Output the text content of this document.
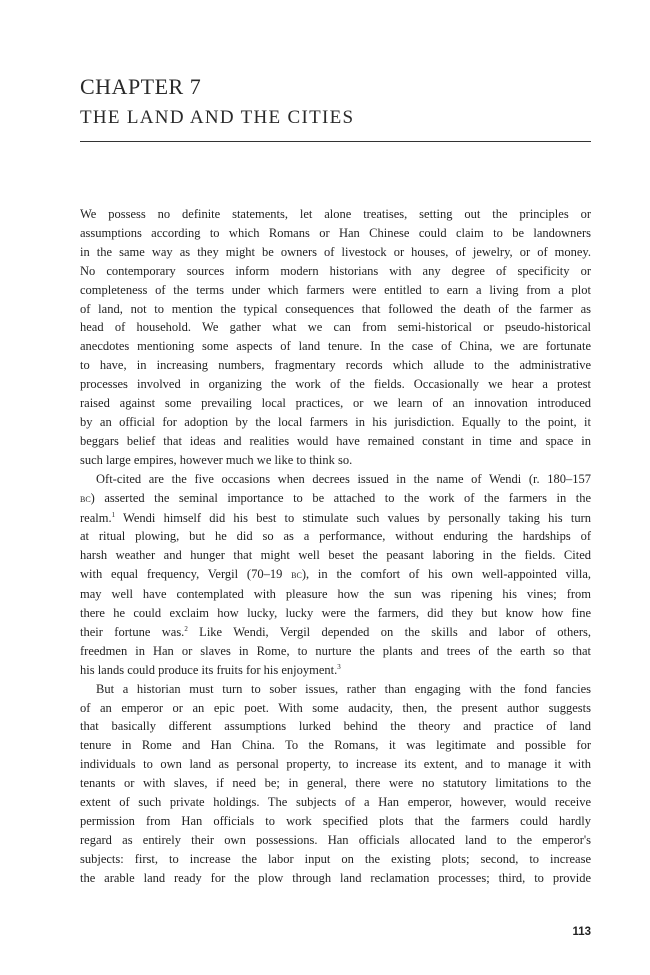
CHAPTER 7
THE LAND AND THE CITIES
We possess no definite statements, let alone treatises, setting out the principles or
assumptions according to which Romans or Han Chinese could claim to be landowners
in the same way as they might be owners of livestock or houses, of jewelry, or of money.
No contemporary sources inform modern historians with any degree of specificity or
completeness of the terms under which farmers were entitled to earn a living from a plot
of land, not to mention the typical consequences that followed the death of the farmer as
head of household. We gather what we can from semi-historical or pseudo-historical
anecdotes mentioning some aspects of land tenure. In the case of China, we are fortunate
to have, in increasing numbers, fragmentary records which allude to the administrative
processes involved in organizing the work of the fields. Occasionally we hear a protest
raised against some prevailing local practices, or we learn of an innovation introduced
by an official for adoption by the local farmers in his jurisdiction. Equally to the point, it
beggars belief that ideas and realities would have remained constant in time and space in
such large empires, however much we like to think so.
Oft-cited are the five occasions when decrees issued in the name of Wendi (r. 180–157
bc) asserted the seminal importance to be attached to the work of the farmers in the
realm.$^1$ Wendi himself did his best to stimulate such values by personally taking his turn
at ritual plowing, but he did so as a performance, without enduring the hardships of
harsh weather and hunger that might well beset the peasant laboring in the fields. Cited
with equal frequency, Vergil (70–19 bc), in the comfort of his own well-appointed villa,
may well have contemplated with pleasure how the sun was ripening his vines; from
there he could exclaim how lucky, lucky were the farmers, did they but know how fine
their fortune was.$^2$ Like Wendi, Vergil depended on the skills and labor of others,
freedmen in Han or slaves in Rome, to nurture the plants and trees of the earth so that
his lands could produce its fruits for his enjoyment.$^3$
But a historian must turn to sober issues, rather than engaging with the fond fancies
of an emperor or an epic poet. With some audacity, then, the present author suggests
that basically different assumptions lurked behind the theory and practice of land
tenure in Rome and Han China. To the Romans, it was legitimate and possible for
individuals to own land as personal property, to increase its extent, and to manage it with
tenants or with slaves, if need be; in general, there were no statutory limitations to the
extent of such private holdings. The subjects of a Han emperor, however, would receive
permission from Han officials to work specified plots that the farmers could hardly
regard as entirely their own possessions. Han officials allocated land to the emperor's
subjects: first, to increase the labor input on the existing plots; second, to increase
the arable land ready for the plow through land reclamation processes; third, to provide
113
